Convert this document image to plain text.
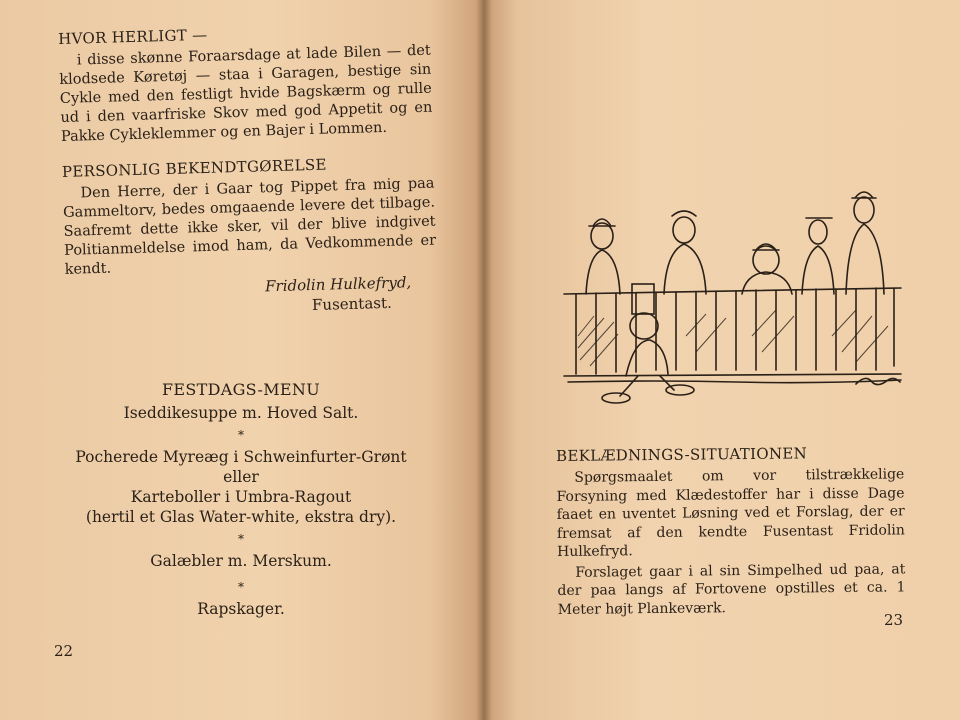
HVOR HERLIGT —

i disse skønne Foraarsdage at lade Bilen — det klodsede Køretøj — staa i Garagen, bestige sin Cykle med den festligt hvide Bagskærm og rulle ud i den vaarfriske Skov med god Appetit og en Pakke Cykleklemmer og en Bajer i Lommen.

PERSONLIG BEKENDTGØRELSE

Den Herre, der i Gaar tog Pippet fra mig paa Gammeltorv, bedes omgaaende levere det tilbage. Saafremt dette ikke sker, vil der blive indgivet Politianmeldelse imod ham, da Vedkommende er kendt.

Fridolin Hulkefryd,
Fusentast.

FESTDAGS-MENU

Iseddikesuppe m. Hoved Salt.

*

Pocherede Myreæg i Schweinfurter-Grønt

eller

Karteboller i Umbra-Ragout

(hertil et Glas Water-white, ekstra dry).

*

Galæbler m. Merskum.

*

Rapskager.

22

BEKLÆDNINGS-SITUATIONEN

Spørgsmaalet om vor tilstrækkelige Forsyning med Klædestoffer har i disse Dage faaet en uventet Løsning ved et Forslag, der er fremsat af den kendte Fusentast Fridolin Hulkefryd.

Forslaget gaar i al sin Simpelhed ud paa, at der paa langs af Fortovene opstilles et ca. 1 Meter højt Plankeværk.

23
